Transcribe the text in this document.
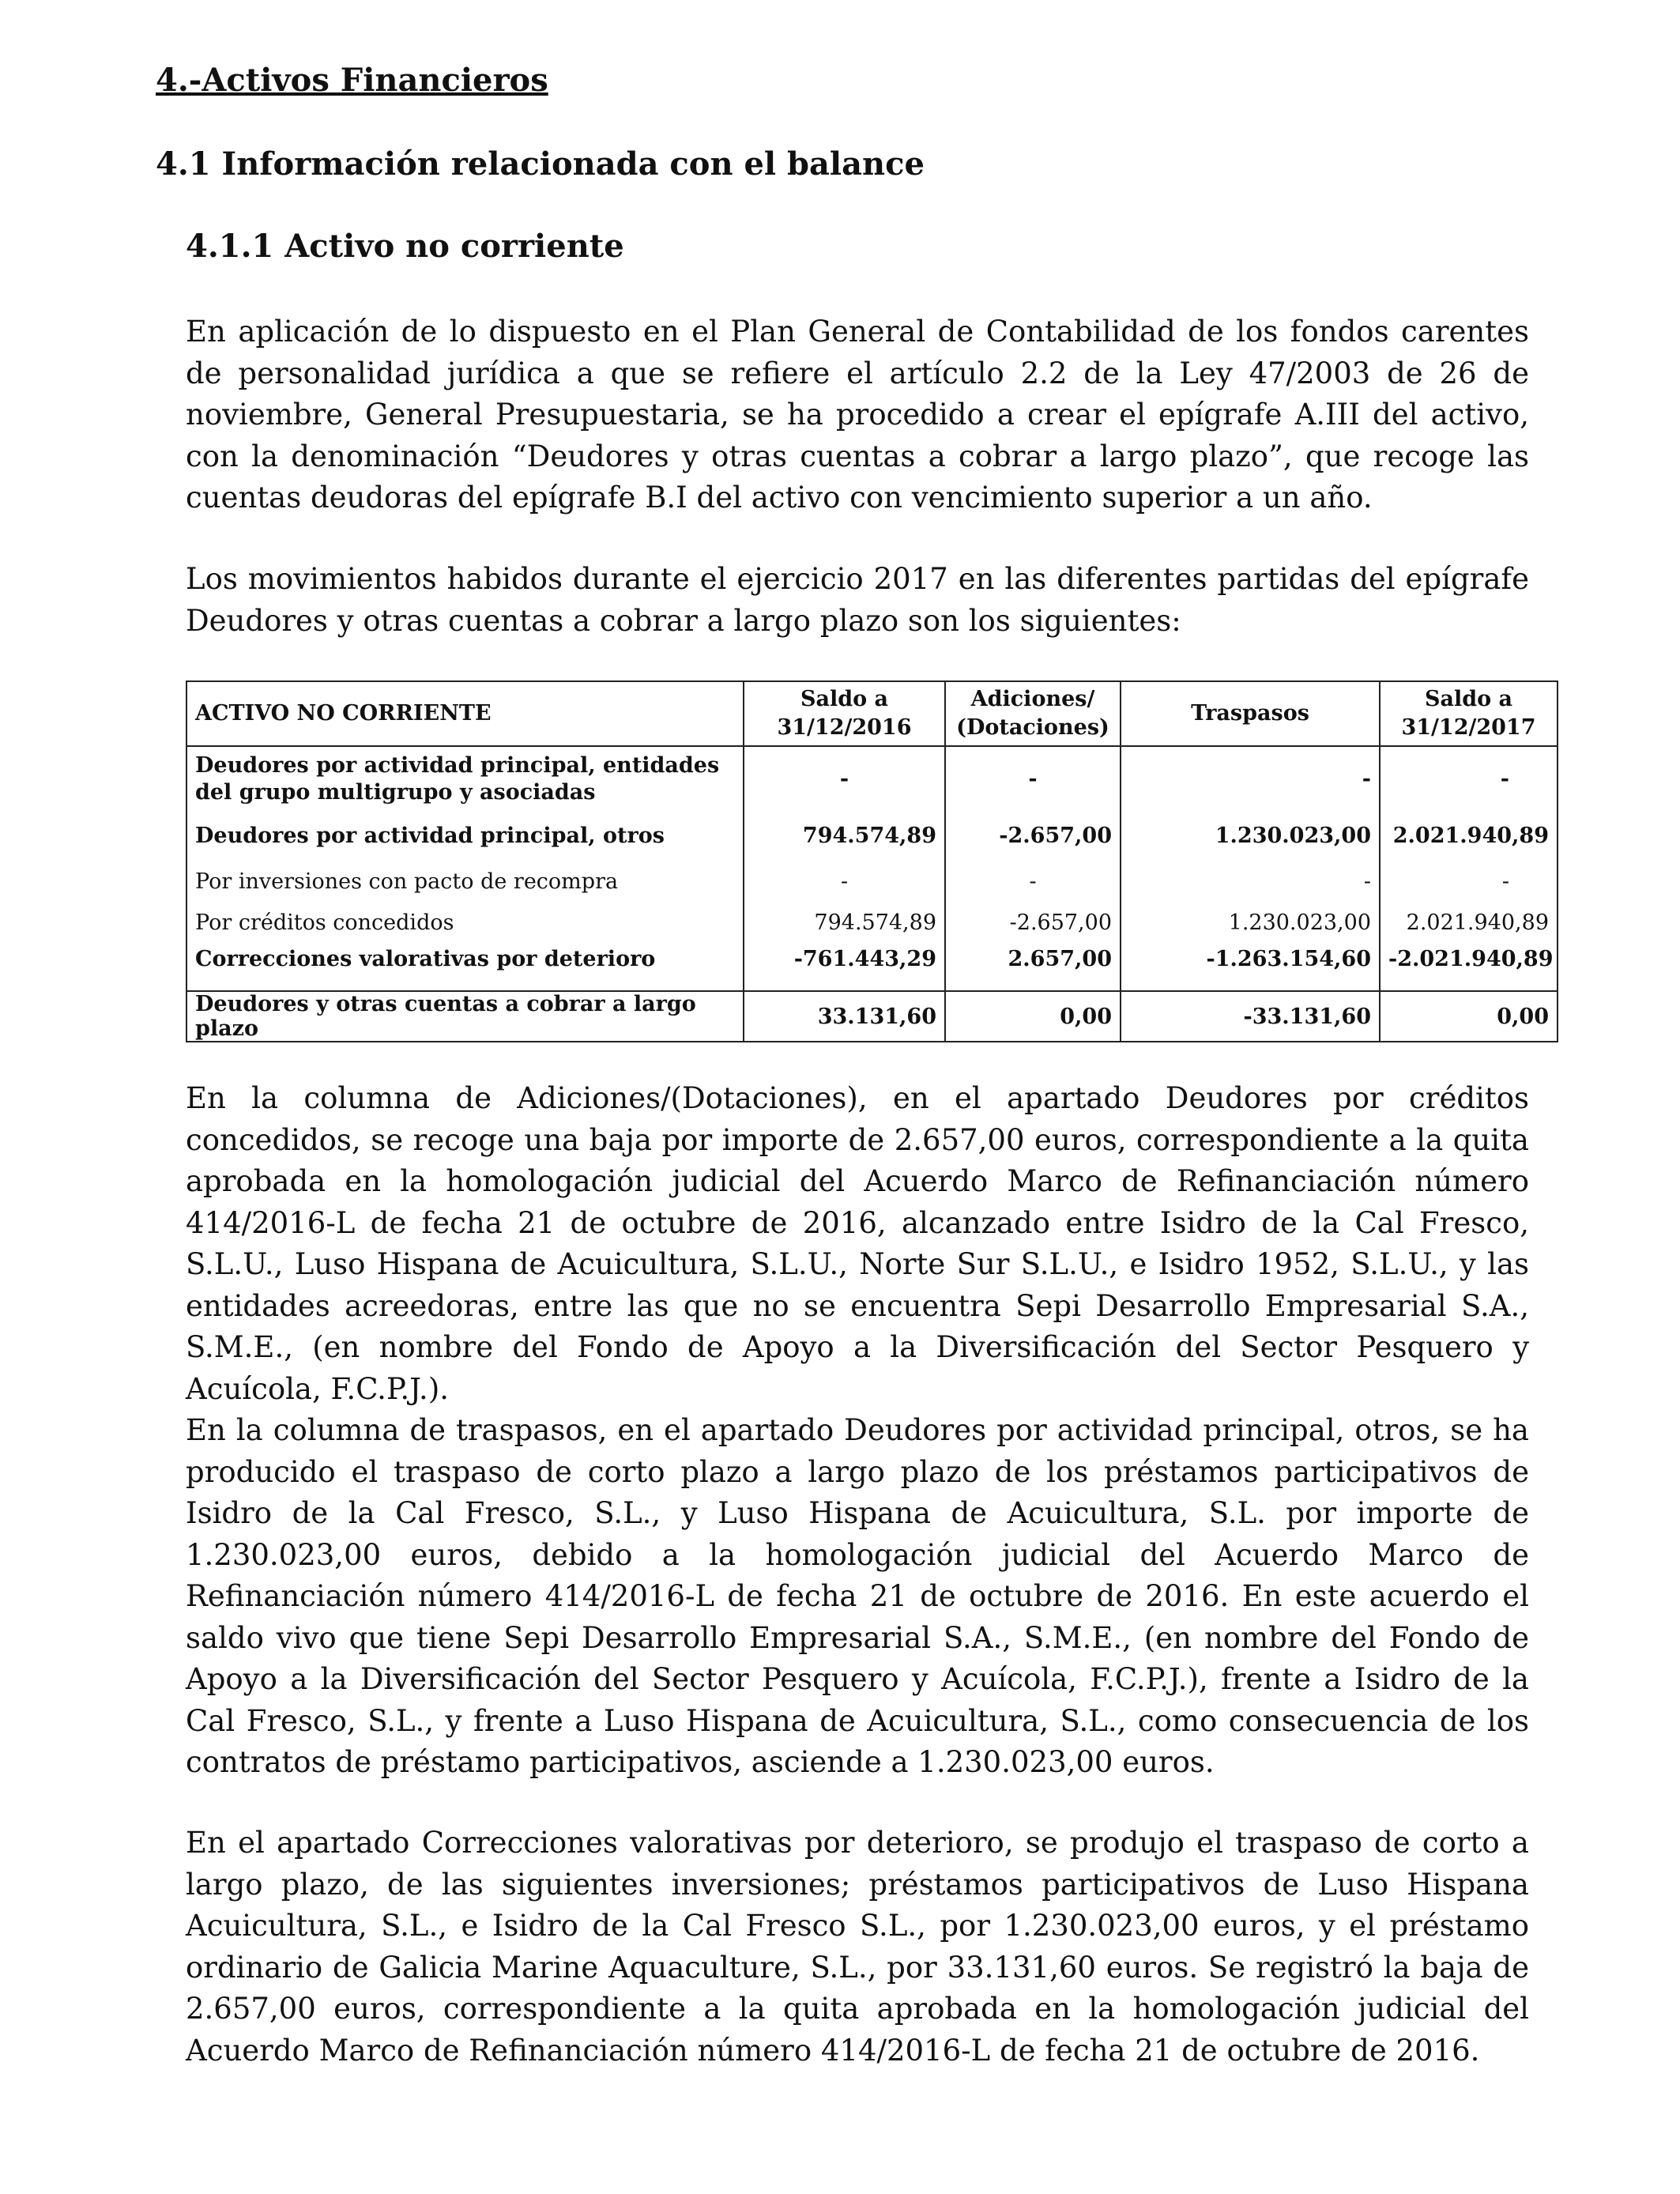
4.-Activos Financieros
4.1 Información relacionada con el balance
4.1.1 Activo no corriente

En aplicación de lo dispuesto en el Plan General de Contabilidad de los fondos carentes de personalidad jurídica a que se refiere el artículo 2.2 de la Ley 47/2003 de 26 de noviembre, General Presupuestaria, se ha procedido a crear el epígrafe A.III del activo, con la denominación “Deudores y otras cuentas a cobrar a largo plazo”, que recoge las cuentas deudoras del epígrafe B.I del activo con vencimiento superior a un año.

Los movimientos habidos durante el ejercicio 2017 en las diferentes partidas del epígrafe Deudores y otras cuentas a cobrar a largo plazo son los siguientes:

ACTIVO NO CORRIENTE	Saldo a 31/12/2016	Adiciones/ (Dotaciones)	Traspasos	Saldo a 31/12/2017
Deudores por actividad principal, entidades del grupo multigrupo y asociadas	-	-	-	-
Deudores por actividad principal, otros	794.574,89	-2.657,00	1.230.023,00	2.021.940,89
Por inversiones con pacto de recompra	-	-	-	-
Por créditos concedidos	794.574,89	-2.657,00	1.230.023,00	2.021.940,89
Correcciones valorativas por deterioro	-761.443,29	2.657,00	-1.263.154,60	-2.021.940,89

Deudores y otras cuentas a cobrar a largo plazo	33.131,60	0,00	-33.131,60	0,00

En la columna de Adiciones/(Dotaciones), en el apartado Deudores por créditos concedidos, se recoge una baja por importe de 2.657,00 euros, correspondiente a la quita aprobada en la homologación judicial del Acuerdo Marco de Refinanciación número 414/2016-L de fecha 21 de octubre de 2016, alcanzado entre Isidro de la Cal Fresco, S.L.U., Luso Hispana de Acuicultura, S.L.U., Norte Sur S.L.U., e Isidro 1952, S.L.U., y las entidades acreedoras, entre las que no se encuentra Sepi Desarrollo Empresarial S.A., S.M.E., (en nombre del Fondo de Apoyo a la Diversificación del Sector Pesquero y Acuícola, F.C.P.J.).

En la columna de traspasos, en el apartado Deudores por actividad principal, otros, se ha producido el traspaso de corto plazo a largo plazo de los préstamos participativos de Isidro de la Cal Fresco, S.L., y Luso Hispana de Acuicultura, S.L. por importe de 1.230.023,00 euros, debido a la homologación judicial del Acuerdo Marco de Refinanciación número 414/2016-L de fecha 21 de octubre de 2016. En este acuerdo el saldo vivo que tiene Sepi Desarrollo Empresarial S.A., S.M.E., (en nombre del Fondo de Apoyo a la Diversificación del Sector Pesquero y Acuícola, F.C.P.J.), frente a Isidro de la Cal Fresco, S.L., y frente a Luso Hispana de Acuicultura, S.L., como consecuencia de los contratos de préstamo participativos, asciende a 1.230.023,00 euros.

En el apartado Correcciones valorativas por deterioro, se produjo el traspaso de corto a largo plazo, de las siguientes inversiones; préstamos participativos de Luso Hispana Acuicultura, S.L., e Isidro de la Cal Fresco S.L., por 1.230.023,00 euros, y el préstamo ordinario de Galicia Marine Aquaculture, S.L., por 33.131,60 euros. Se registró la baja de 2.657,00 euros, correspondiente a la quita aprobada en la homologación judicial del Acuerdo Marco de Refinanciación número 414/2016-L de fecha 21 de octubre de 2016.
